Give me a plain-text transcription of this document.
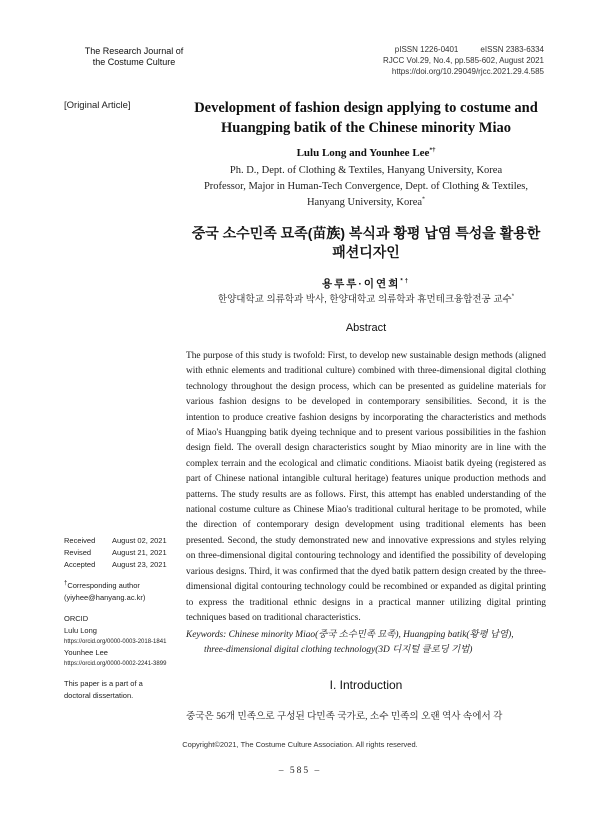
The Research Journal of
the Costume Culture
pISSN 1226-0401	eISSN 2383-6334
RJCC Vol.29, No.4, pp.585-602, August 2021
https://doi.org/10.29049/rjcc.2021.29.4.585
[Original Article]	Development of fashion design applying to costume and
Huangping batik of the Chinese minority Miao
Lulu Long and Younhee Lee*†
Ph. D., Dept. of Clothing & Textiles, Hanyang University, Korea
Professor, Major in Human-Tech Convergence, Dept. of Clothing & Textiles,
Hanyang University, Korea*
중국 소수민족 묘족(苗族) 복식과 황평 납염 특성을 활용한
패션디자인
용루루·이연희*†
한양대학교 의류학과 박사, 한양대학교 의류학과 휴먼테크융합전공 교수*
Abstract
The purpose of this study is twofold: First, to develop new sustainable design methods (aligned with ethnic elements and traditional culture) combined with three-dimensional digital clothing technology throughout the design process, which can be presented as guideline materials for various fashion designs to be developed in contemporary sensibilities. Second, it is the intention to produce creative fashion designs by incorporating the characteristics and methods of Miao's Huangping batik dyeing technique and to present various possibilities in the fashion design field. The overall design characteristics sought by Miao minority are in line with the complex terrain and the ecological and climatic conditions. Miaoist batik dyeing (registered as part of Chinese national intangible cultural heritage) features unique production methods and patterns. The study results are as follows. First, this attempt has enabled understanding of the national costume culture as Chinese Miao's traditional cultural heritage to be promoted, while the direction of contemporary design development using traditional elements has been presented. Second, the study demonstrated new and innovative expressions and styles relying on three-dimensional digital contouring technology and identified the possibility of developing various designs. Third, it was confirmed that the dyed batik pattern design created by the three-dimensional digital contouring technology could be recombined or expanded as digital printing to express the traditional ethnic designs in a practical manner utilizing digital printing techniques based on traditional characteristics.
Keywords: Chinese minority Miao(중국 소수민족 묘족), Huangping batik(황평 납염),
three-dimensional digital clothing technology(3D 디지털 클로딩 기법)
Received	August 02, 2021
Revised	August 21, 2021
Accepted	August 23, 2021
†Corresponding author
(yiyhee@hanyang.ac.kr)
ORCID
Lulu Long
https://orcid.org/0000-0003-2018-1841
Younhee Lee
https://orcid.org/0000-0002-2241-3899
This paper is a part of a
doctoral dissertation.
I. Introduction
중국은 56개 민족으로 구성된 다민족 국가로, 소수 민족의 오랜 역사 속에서 각
Copyright©2021, The Costume Culture Association. All rights reserved.
– 585 –
